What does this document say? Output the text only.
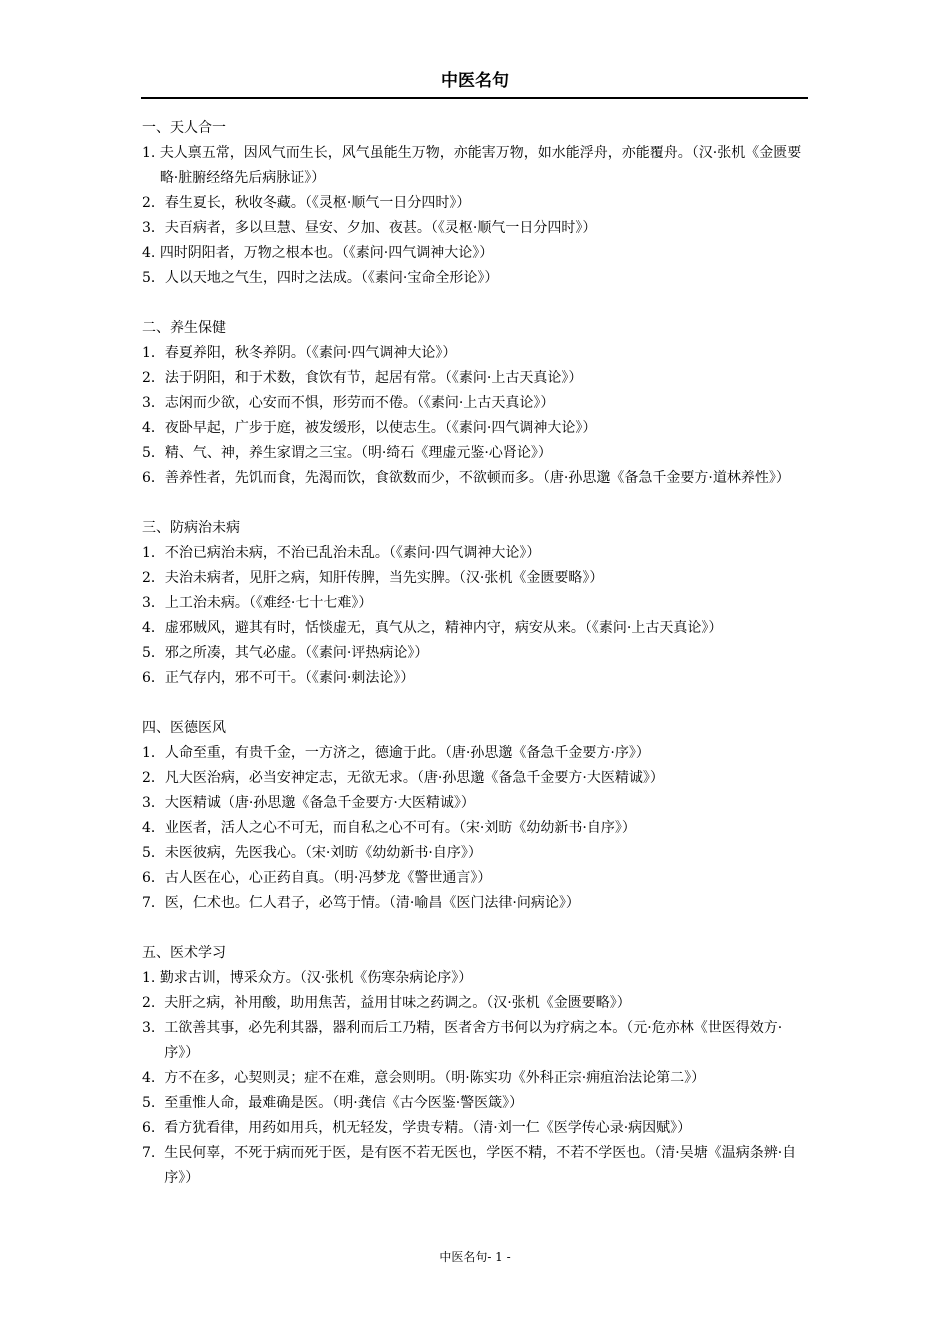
中医名句
一、天人合一
1. 夫人禀五常，因风气而生长，风气虽能生万物，亦能害万物，如水能浮舟，亦能覆舟。（汉·张机《金匮要略·脏腑经络先后病脉证》）
2． 春生夏长，秋收冬藏。（《灵枢·顺气一日分四时》）
3． 夫百病者，多以旦慧、昼安、夕加、夜甚。（《灵枢·顺气一日分四时》）
4. 四时阴阳者，万物之根本也。（《素问·四气调神大论》）
5． 人以天地之气生，四时之法成。（《素问·宝命全形论》）
二、养生保健
1． 春夏养阳，秋冬养阴。（《素问·四气调神大论》）
2． 法于阴阳，和于术数，食饮有节，起居有常。（《素问·上古天真论》）
3． 志闲而少欲，心安而不惧，形劳而不倦。（《素问·上古天真论》）
4． 夜卧早起，广步于庭，被发缓形，以使志生。（《素问·四气调神大论》）
5． 精、气、神，养生家谓之三宝。（明·绮石《理虚元鉴·心肾论》）
6． 善养性者，先饥而食，先渴而饮，食欲数而少，不欲顿而多。（唐·孙思邈《备急千金要方·道林养性》）
三、防病治未病
1． 不治已病治未病，不治已乱治未乱。（《素问·四气调神大论》）
2． 夫治未病者，见肝之病，知肝传脾，当先实脾。（汉·张机《金匮要略》）
3． 上工治未病。（《难经·七十七难》）
4． 虚邪贼风，避其有时，恬惔虚无，真气从之，精神内守，病安从来。（《素问·上古天真论》）
5． 邪之所凑，其气必虚。（《素问·评热病论》）
6． 正气存内，邪不可干。（《素问·刺法论》）
四、医德医风
1． 人命至重，有贵千金，一方济之，德逾于此。（唐·孙思邈《备急千金要方·序》）
2． 凡大医治病，必当安神定志，无欲无求。（唐·孙思邈《备急千金要方·大医精诚》）
3． 大医精诚（唐·孙思邈《备急千金要方·大医精诚》）
4． 业医者，活人之心不可无，而自私之心不可有。（宋·刘昉《幼幼新书·自序》）
5． 未医彼病，先医我心。（宋·刘昉《幼幼新书·自序》）
6． 古人医在心，心正药自真。（明·冯梦龙《警世通言》）
7． 医，仁术也。仁人君子，必笃于情。（清·喻昌《医门法律·问病论》）
五、医术学习
1. 勤求古训，博采众方。（汉·张机《伤寒杂病论序》）
2. 夫肝之病，补用酸，助用焦苦，益用甘味之药调之。（汉·张机《金匮要略》）
3. 工欲善其事，必先利其器，器利而后工乃精，医者舍方书何以为疗病之本。（元·危亦林《世医得效方·序》）
4. 方不在多，心契则灵；症不在难，意会则明。（明·陈实功《外科正宗·痈疽治法论第二》）
5. 至重惟人命，最难确是医。（明·龚信《古今医鉴·警医箴》）
6. 看方犹看律，用药如用兵，机无轻发，学贵专精。（清·刘一仁《医学传心录·病因赋》）
7. 生民何辜，不死于病而死于医，是有医不若无医也，学医不精，不若不学医也。（清·吴塘《温病条辨·自序》）
中医名句- 1 -
